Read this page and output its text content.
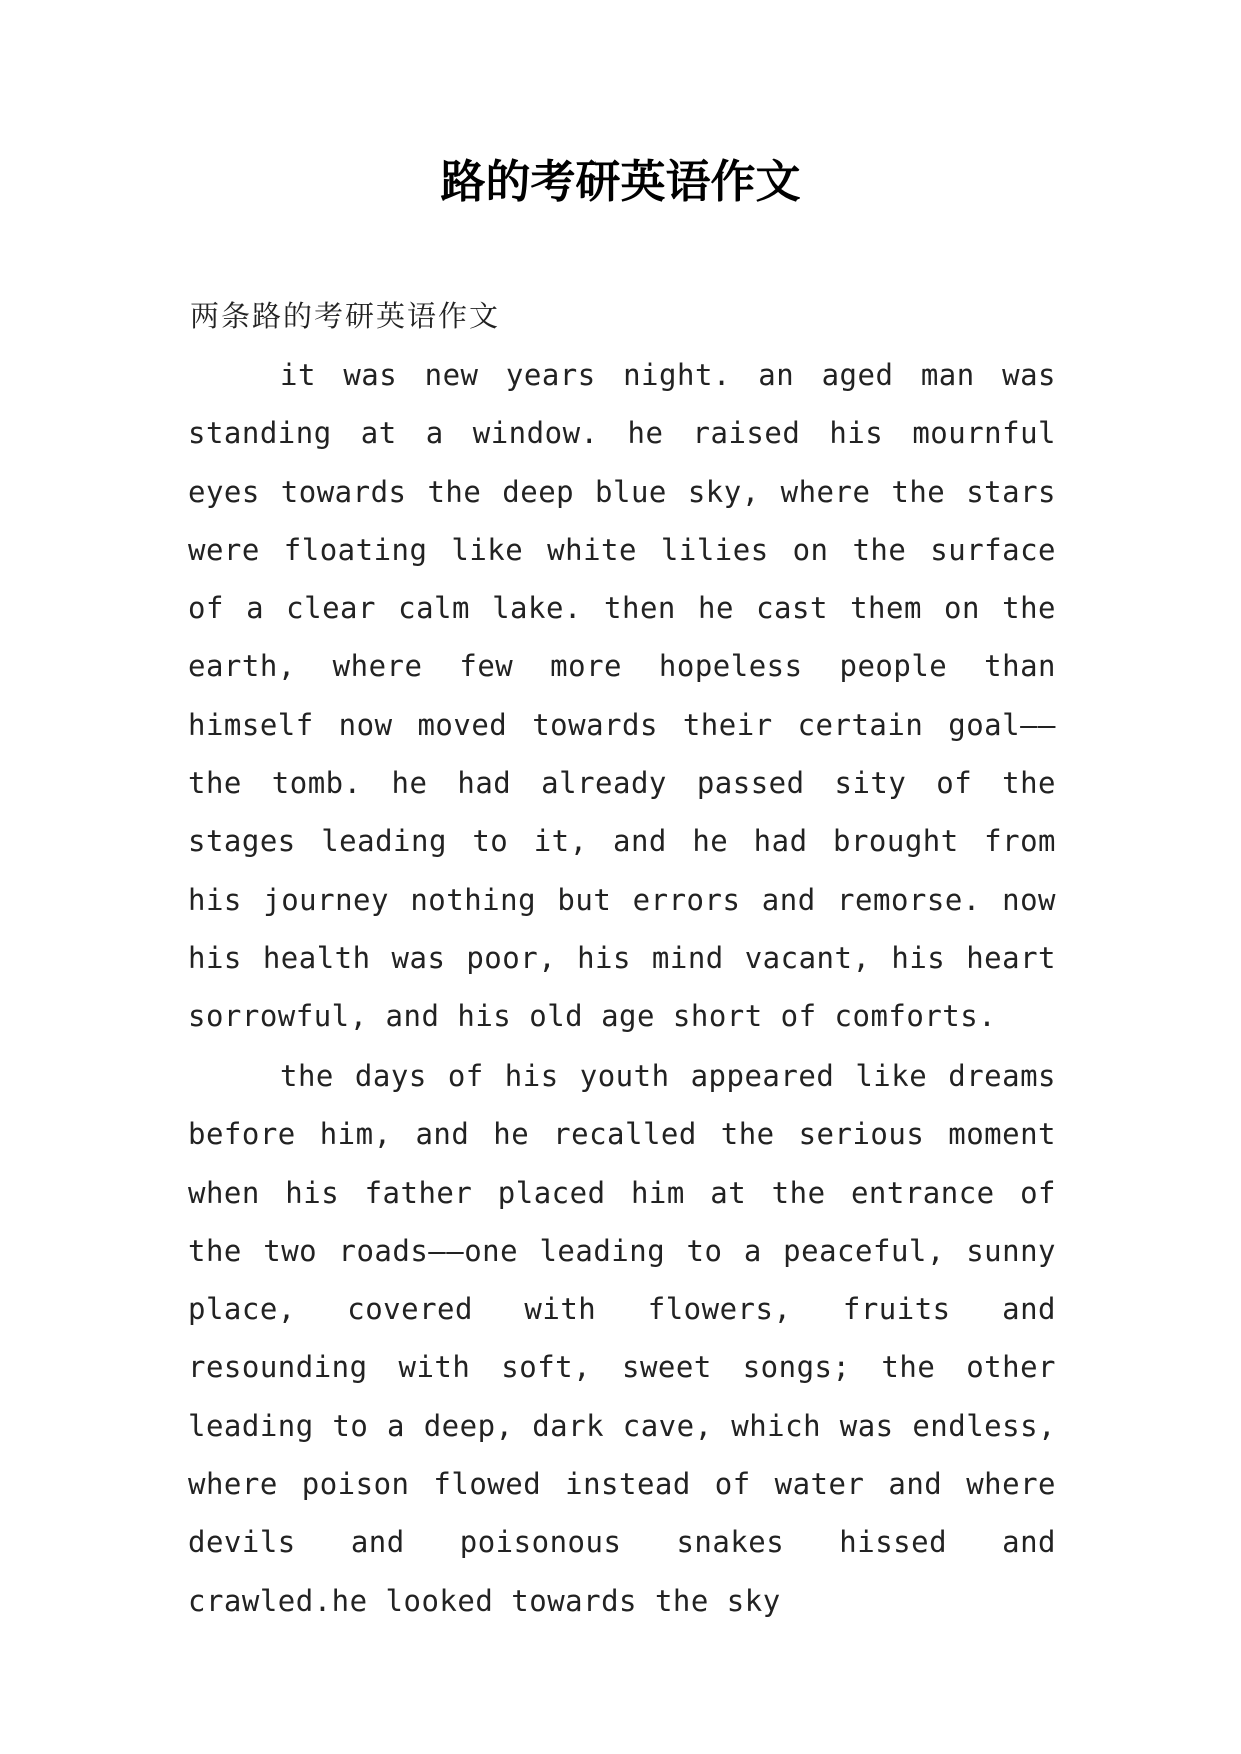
路的考研英语作文
两条路的考研英语作文

it was new years night. an aged man was standing at a window. he raised his mournful eyes towards the deep blue sky, where the stars were floating like white lilies on the surface of a clear calm lake. then he cast them on the earth, where few more hopeless people than himself now moved towards their certain goal——the tomb. he had already passed sity of the stages leading to it, and he had brought from his journey nothing but errors and remorse. now his health was poor, his mind vacant, his heart sorrowful, and his old age short of comforts.

the days of his youth appeared like dreams before him, and he recalled the serious moment when his father placed him at the entrance of the two roads——one leading to a peaceful, sunny place, covered with flowers, fruits and resounding with soft, sweet songs; the other leading to a deep, dark cave, which was endless, where poison flowed instead of water and where devils and poisonous snakes hissed and crawled.he looked towards the sky
